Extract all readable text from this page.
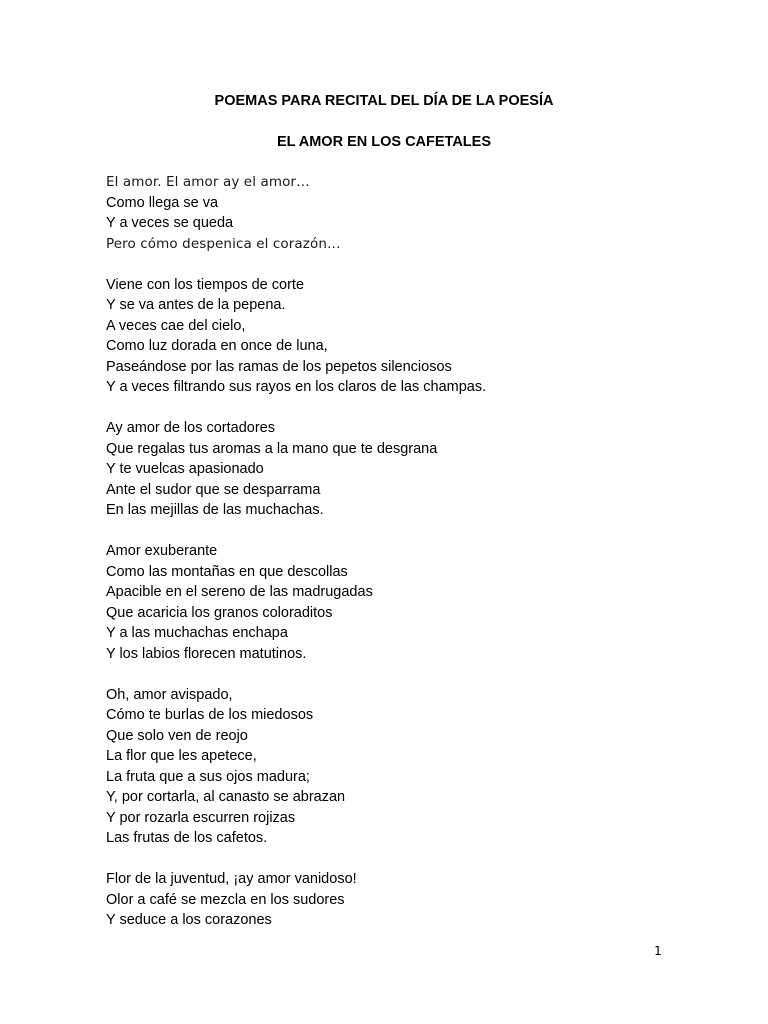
POEMAS PARA RECITAL DEL DÍA DE LA POESÍA
EL AMOR EN LOS CAFETALES
El amor. El amor ay el amor…
Como llega se va
Y a veces se queda
Pero cómo despenica el corazón…
Viene con los tiempos de corte
Y se va antes de la pepena.
A veces cae del cielo,
Como luz dorada en once de luna,
Paseándose por las ramas de los pepetos silenciosos
Y a veces filtrando sus rayos en los claros de las champas.
Ay amor de los cortadores
Que regalas tus aromas a la mano que te desgrana
Y te vuelcas apasionado
Ante el sudor que se desparrama
En las mejillas de las muchachas.
Amor exuberante
Como las montañas en que descollas
Apacible en el sereno de las madrugadas
Que acaricia los granos coloraditos
Y a las muchachas enchapa
Y los labios florecen matutinos.
Oh, amor avispado,
Cómo te burlas de los miedosos
Que solo ven de reojo
La flor que les apetece,
La fruta que a sus ojos madura;
Y, por cortarla, al canasto se abrazan
Y por rozarla escurren rojizas
Las frutas de los cafetos.
Flor de la juventud, ¡ay amor vanidoso!
Olor a café se mezcla en los sudores
Y seduce a los corazones
1
